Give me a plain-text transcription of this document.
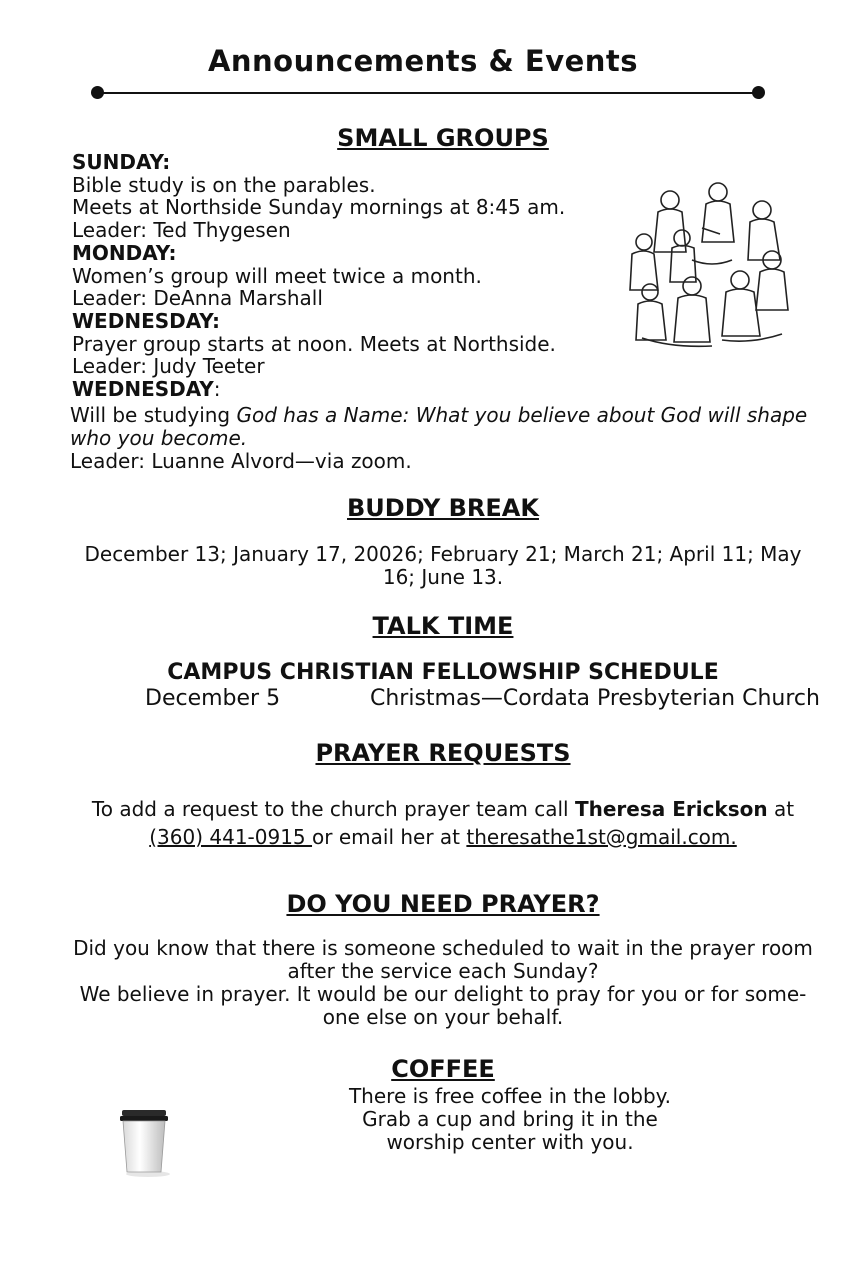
Announcements & Events
SMALL GROUPS
SUNDAY:
Bible study is on the parables.
Meets at Northside Sunday mornings at 8:45 am.
Leader: Ted Thygesen
MONDAY:
Women’s group will meet twice a month.
Leader: DeAnna Marshall
WEDNESDAY:
Prayer group starts at noon. Meets at Northside.
Leader: Judy Teeter
WEDNESDAY:
Will be studying God has a Name: What you believe about God will shape
who you become.
Leader: Luanne Alvord—via zoom.
BUDDY BREAK
December 13; January 17, 20026; February 21; March 21; April 11; May
16; June 13.
TALK TIME
CAMPUS CHRISTIAN FELLOWSHIP SCHEDULE
December 5	Christmas—Cordata Presbyterian Church
PRAYER REQUESTS
To add a request to the church prayer team call Theresa Erickson at
(360) 441-0915 or email her at theresathe1st@gmail.com.
DO YOU NEED PRAYER?
Did you know that there is someone scheduled to wait in the prayer room
after the service each Sunday?
We believe in prayer. It would be our delight to pray for you or for some-
one else on your behalf.
COFFEE
There is free coffee in the lobby.
Grab a cup and bring it in the
worship center with you.
